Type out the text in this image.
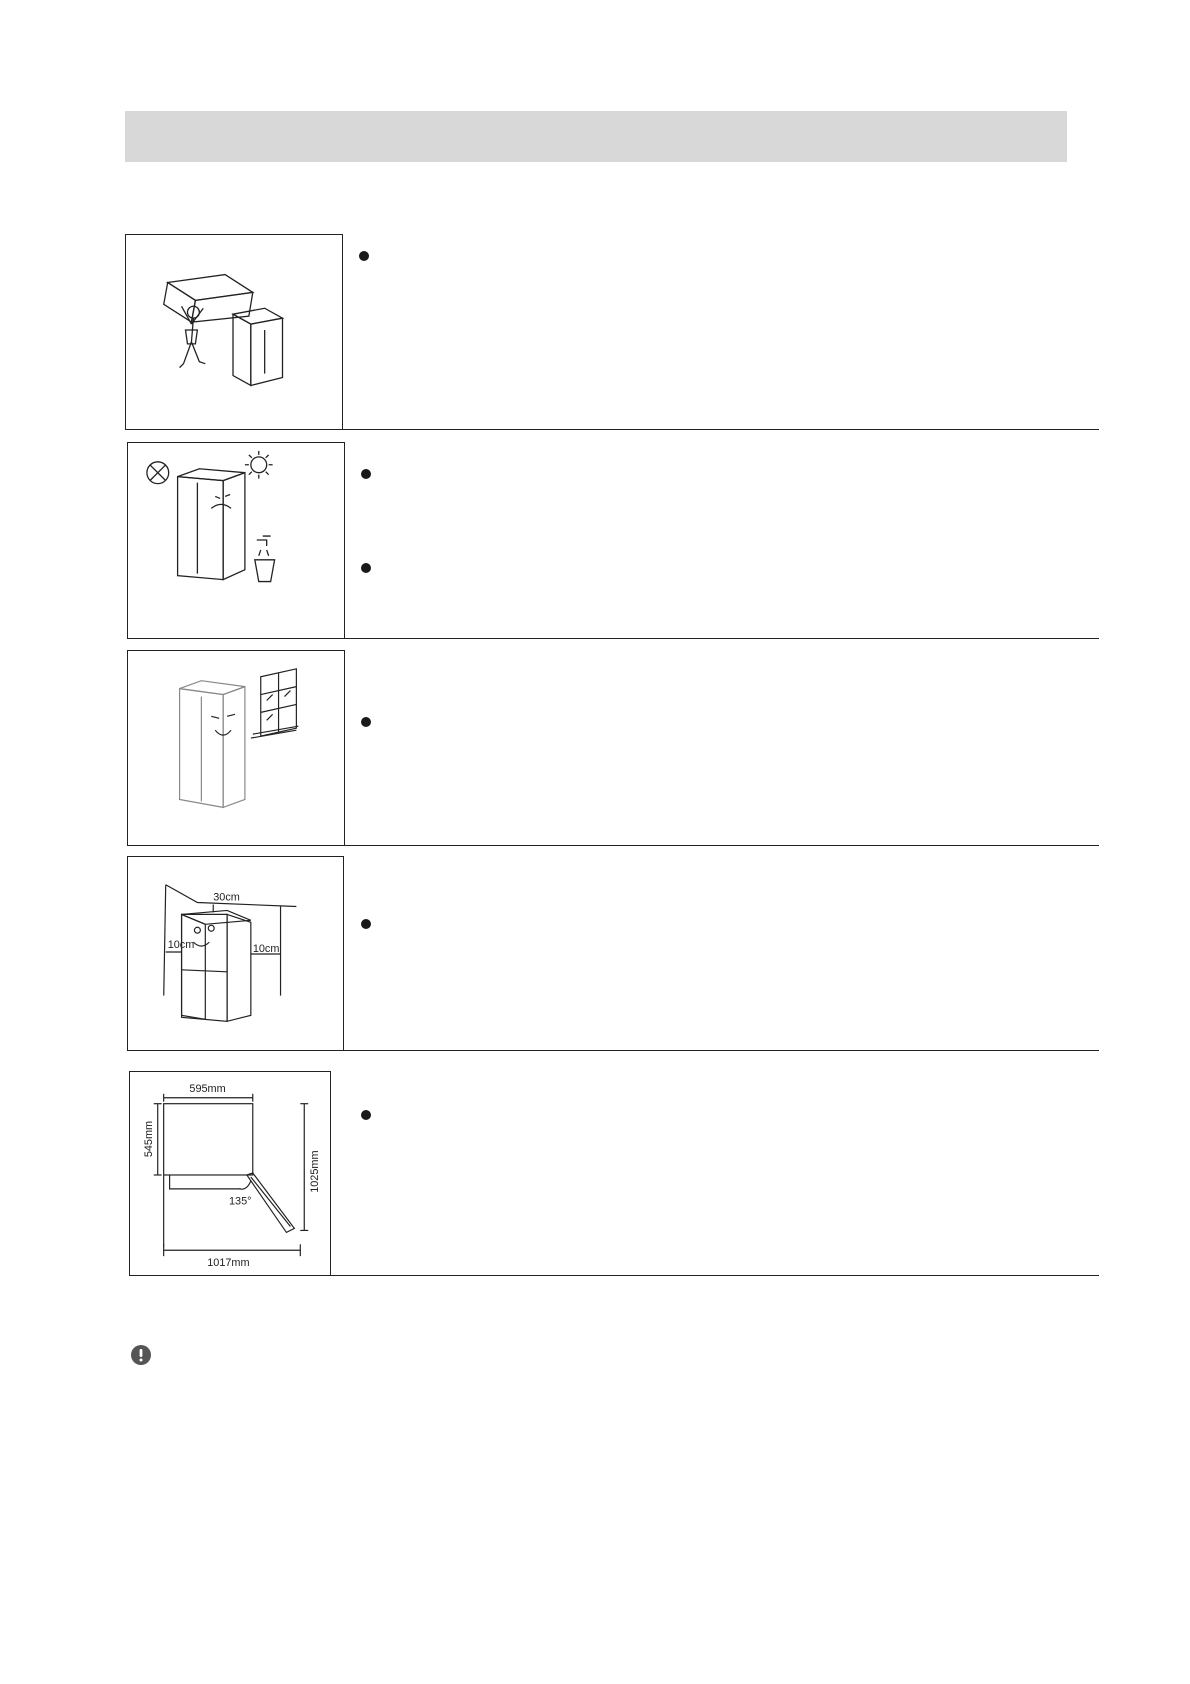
30cm
10cm	10cm
595mm
545mm
1025mm
1017mm
135°
